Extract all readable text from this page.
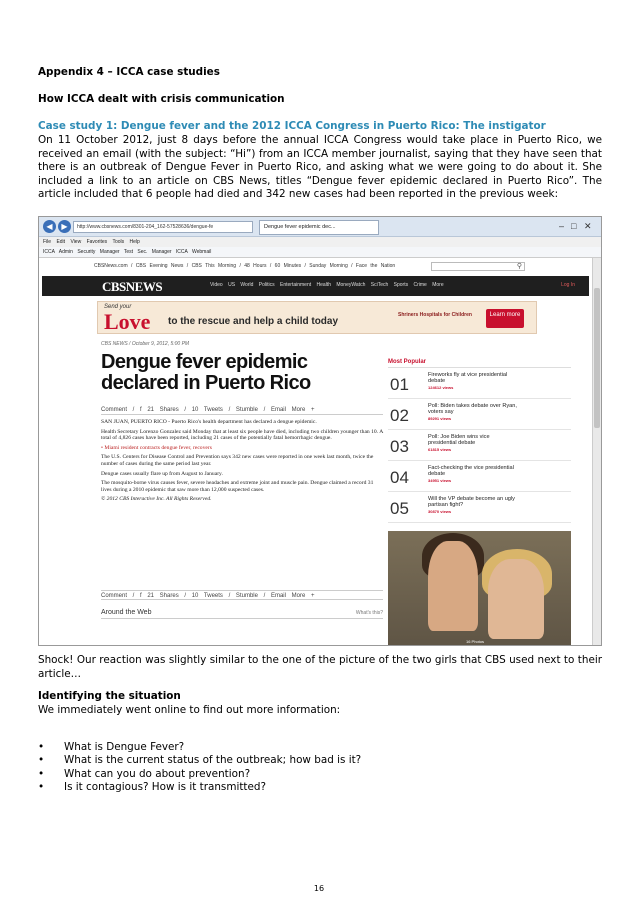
Appendix 4 – ICCA case studies
How ICCA dealt with crisis communication
Case study 1: Dengue fever and the 2012 ICCA Congress in Puerto Rico: The instigator
On 11 October 2012, just 8 days before the annual ICCA Congress would take place in Puerto Rico, we received an email (with the subject: “Hi”) from an ICCA member journalist, saying that they have seen that there is an outbreak of Dengue Fever in Puerto Rico, and asking what we were going to do about it. She included a link to an article on CBS News, titles “Dengue fever epidemic declared in Puerto Rico”. The article included that 6 people had died and 342 new cases had been reported in the previous week:
◀	▶	http://www.cbsnews.com/8301-204_162-57528636/dengue-fe	Dengue fever epidemic dec...	– □ ✕
File Edit View Favorites Tools Help
ICCA Admin Security Manager Test Sec. Manager ICCA Webmail
CBSNews.com / CBS Evening News / CBS This Morning / 48 Hours / 60 Minutes / Sunday Morning / Face the Nation	⚲
CBSNEWS	Video US World Politics Entertainment Health MoneyWatch SciTech Sports Crime More	Log In
Send your
Love to the rescue and help a child today
Shriners Hospitals for Children	Learn more
CBS NEWS / October 9, 2012, 5:00 PM
Dengue fever epidemic declared in Puerto Rico
Comment / f 21 Shares / 10 Tweets / Stumble / Email More +

SAN JUAN, PUERTO RICO - Puerto Rico's health department has declared a dengue epidemic.

Health Secretary Lorenzo Gonzalez said Monday that at least six people have died, including two children younger than 10. A total of 4,826 cases have been reported, including 21 cases of the potentially fatal hemorrhagic dengue.

• Miami resident contracts dengue fever, recovers

The U.S. Centers for Disease Control and Prevention says 342 new cases were reported in one week last month, twice the number of cases during the same period last year.

Dengue cases usually flare up from August to January.

The mosquito-borne virus causes fever, severe headaches and extreme joint and muscle pain. Dengue claimed a record 31 lives during a 2010 epidemic that saw more than 12,000 suspected cases.

© 2012 CBS Interactive Inc. All Rights Reserved.

Comment / f 21 Shares / 10 Tweets / Stumble / Email More +
Around the Web	What's this?
Most Popular
01	Fireworks fly at vice presidential debate
124612 views
02	Poll: Biden takes debate over Ryan, voters say
89291 views
03	Poll: Joe Biden wins vice presidential debate
61815 views
04	Fact-checking the vice presidential debate
34951 views
05	Will the VP debate become an ugly partisan fight?
30870 views
16 Photos
Shock! Our reaction was slightly similar to the one of the picture of the two girls that CBS used next to their article…
Identifying the situation
We immediately went online to find out more information:
•	What is Dengue Fever?
•	What is the current status of the outbreak; how bad is it?
•	What can you do about prevention?
•	Is it contagious? How is it transmitted?
16
